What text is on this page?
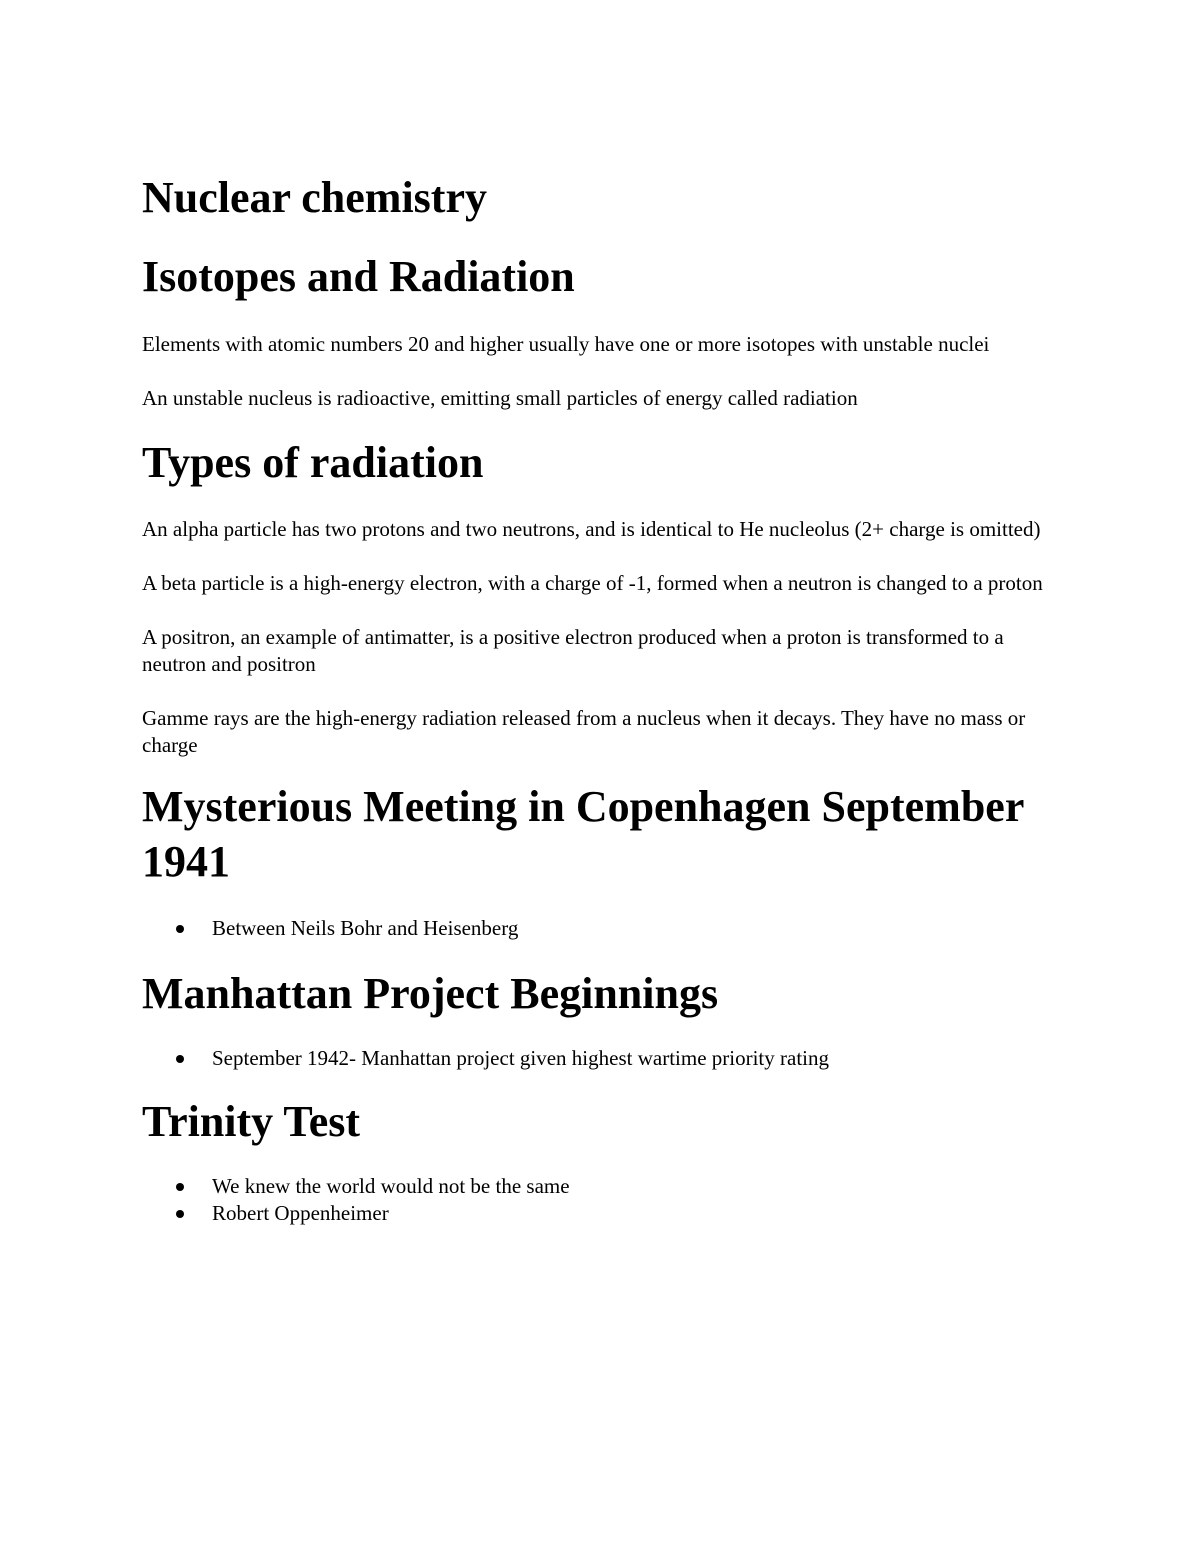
Nuclear chemistry
Isotopes and Radiation

Elements with atomic numbers 20 and higher usually have one or more isotopes with unstable nuclei

An unstable nucleus is radioactive, emitting small particles of energy called radiation

Types of radiation

An alpha particle has two protons and two neutrons, and is identical to He nucleolus (2+ charge is omitted)

A beta particle is a high-energy electron, with a charge of -1, formed when a neutron is changed to a proton

A positron, an example of antimatter, is a positive electron produced when a proton is transformed to a neutron and positron

Gamme rays are the high-energy radiation released from a nucleus when it decays. They have no mass or charge

Mysterious Meeting in Copenhagen September 1941
Between Neils Bohr and Heisenberg
Manhattan Project Beginnings
September 1942- Manhattan project given highest wartime priority rating
Trinity Test
We knew the world would not be the same
Robert Oppenheimer
